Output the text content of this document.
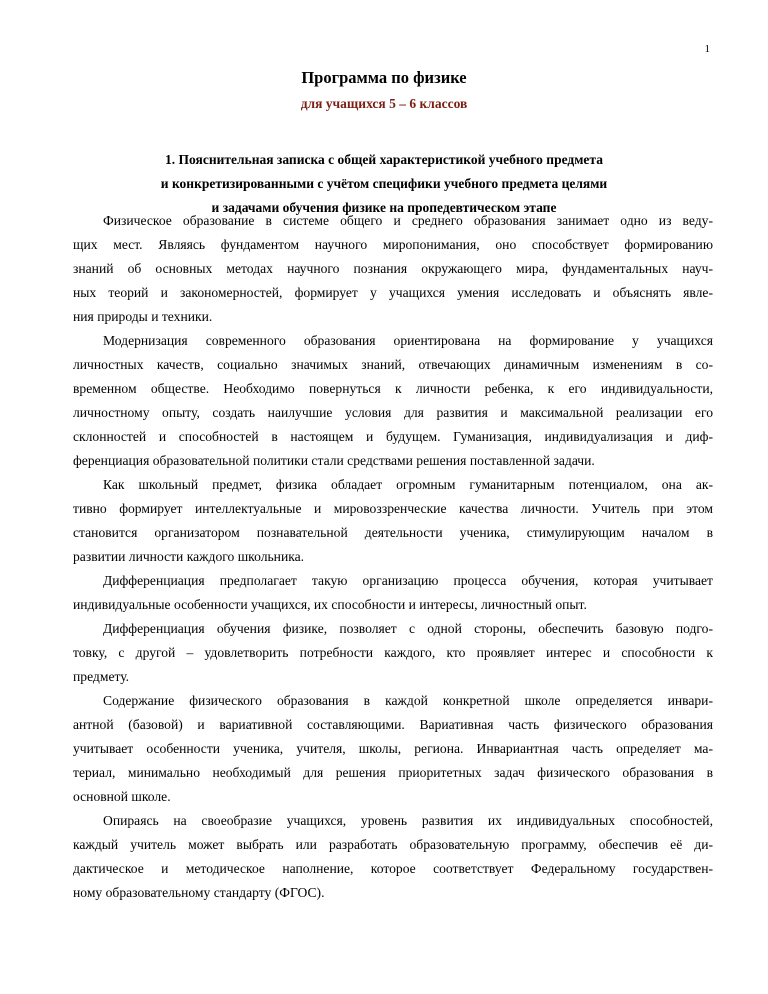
1
Программа по физике
для учащихся 5 – 6 классов
1. Пояснительная записка с общей характеристикой учебного предмета
и конкретизированными с учётом специфики учебного предмета целями
и задачами обучения физике на пропедевтическом этапе
Физическое образование в системе общего и среднего образования занимает одно из веду-
щих мест. Являясь фундаментом научного миропонимания, оно способствует формированию
знаний об основных методах научного познания окружающего мира, фундаментальных науч-
ных теорий и закономерностей, формирует у учащихся умения исследовать и объяснять явле-
ния природы и техники.
Модернизация современного образования ориентирована на формирование у учащихся
личностных качеств, социально значимых знаний, отвечающих динамичным изменениям в со-
временном обществе. Необходимо повернуться к личности ребенка, к его индивидуальности,
личностному опыту, создать наилучшие условия для развития и максимальной реализации его
склонностей и способностей в настоящем и будущем. Гуманизация, индивидуализация и диф-
ференциация образовательной политики стали средствами решения поставленной задачи.
Как школьный предмет, физика обладает огромным гуманитарным потенциалом, она ак-
тивно формирует интеллектуальные и мировоззренческие качества личности. Учитель при этом
становится организатором познавательной деятельности ученика, стимулирующим началом в
развитии личности каждого школьника.
Дифференциация предполагает такую организацию процесса обучения, которая учитывает
индивидуальные особенности учащихся, их способности и интересы, личностный опыт.
Дифференциация обучения физике, позволяет с одной стороны, обеспечить базовую подго-
товку, с другой – удовлетворить потребности каждого, кто проявляет интерес и способности к
предмету.
Содержание физического образования в каждой конкретной школе определяется инвари-
антной (базовой) и вариативной составляющими. Вариативная часть физического образования
учитывает особенности ученика, учителя, школы, региона. Инвариантная часть определяет ма-
териал, минимально необходимый для решения приоритетных задач физического образования в
основной школе.
Опираясь на своеобразие учащихся, уровень развития их индивидуальных способностей,
каждый учитель может выбрать или разработать образовательную программу, обеспечив её ди-
дактическое и методическое наполнение, которое соответствует Федеральному государствен-
ному образовательному стандарту (ФГОС).
